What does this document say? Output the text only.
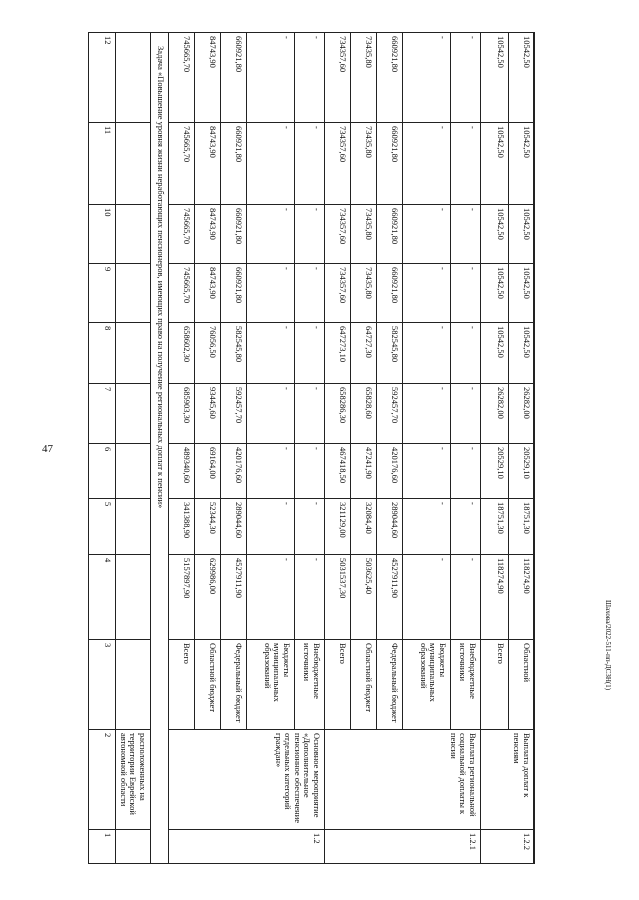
47
Шахова/2022-511-пп-ДСЗН(1)
1
2
3
4
5
6
7
8
9
10
11
12
расположенных на территории Еврейской автономной области
Задача «Повышение уровня жизни неработающих пенсионеров, имеющих право на получение региональных доплат к пенсии»
1.2
Основное мероприятие «Дополнительное пенсионное обеспечение отдельных категорий граждан»
Всего
5157897,90
341388,90
489340,60
685903,30
658602,30
745665,70
745665,70
745665,70
745665,70
Областной бюджет
629986,00
52344,30
69164,00
93445,60
76056,50
84743,90
84743,90
84743,90
84743,90
Федеральный бюджет
4527911,90
289044,60
420176,60
592457,70
582545,80
660921,80
660921,80
660921,80
660921,80
Бюджеты муниципальных образований
-
-
-
-
-
-
-
-
-
Внебюджетные источники
-
-
-
-
-
-
-
-
-
1.2.1
Выплата региональной социальной доплаты к пенсии
Всего
5031537,30
321129,00
467418,50
658286,30
647273,10
734357,60
734357,60
734357,60
734357,60
Областной бюджет
503625,40
32084,40
47241,90
65828,60
64727,30
73435,80
73435,80
73435,80
73435,80
Федеральный бюджет
4527911,90
289044,60
420176,60
592457,70
582545,80
660921,80
660921,80
660921,80
660921,80
Бюджеты муниципальных образований
-
-
-
-
-
-
-
-
-
Внебюджетные источники
-
-
-
-
-
-
-
-
-
1.2.2
Выплата доплат к пенсиям
Всего
118274,90
18751,30
20529,10
26282,00
10542,50
10542,50
10542,50
10542,50
10542,50
Областной
118274,90
18751,30
20529,10
26282,00
10542,50
10542,50
10542,50
10542,50
10542,50
